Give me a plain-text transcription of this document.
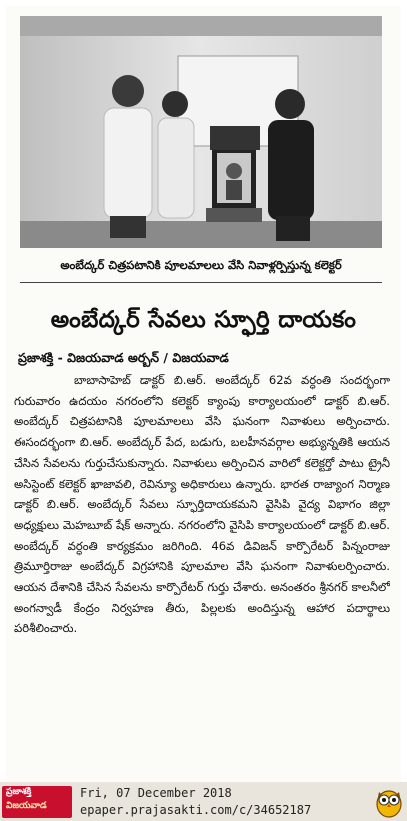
అంబేద్కర్ చిత్రపటానికి పూలమాలలు వేసి నివాళ్లర్పిస్తున్న కలెక్టర్
అంబేద్కర్ సేవలు స్ఫూర్తి దాయకం
ప్రజాశక్తి - విజయవాడ అర్బన్ / విజయవాడ

బాబాసాహెబ్ డాక్టర్ బి.ఆర్. అంబేద్కర్ 62వ వర్ధంతి సందర్భంగా గురువారం ఉదయం నగరంలోని కలెక్టర్ క్యాంపు కార్యాలయంలో డాక్టర్ బి.ఆర్. అంబేద్కర్ చిత్రపటానికి పూలమాలలు వేసి ఘనంగా నివాళులు అర్పించారు. ఈసందర్భంగా బి.ఆర్. అంబేద్కర్ పేద, బడుగు, బలహీనవర్గాల అభ్యున్నతికి ఆయన చేసిన సేవలను గుర్తుచేసుకున్నారు. నివాళులు అర్పించిన వారిలో కలెక్టర్తో పాటు ట్రైనీ అసిస్టెంట్ కలెక్టర్ ఖాజావలి, రెవిన్యూ అధికారులు ఉన్నారు. భారత రాజ్యాంగ నిర్మాణ డాక్టర్ బి.ఆర్. అంబేద్కర్ సేవలు స్ఫూర్తిదాయకమని వైసిపి వైద్య విభాగం జిల్లా అధ్యక్షులు మెహబూబ్ షేక్ అన్నారు. నగరంలోని వైసిపి కార్యాలయంలో డాక్టర్ బి.ఆర్. అంబేద్కర్ వర్ధంతి కార్యక్రమం జరిగింది. 46వ డివిజన్ కార్పొరేటర్ పిన్నంరాజు త్రిమూర్తిరాజు అంబేద్కర్ విగ్రహానికి పూలమాల వేసి ఘనంగా నివాళులర్పించారు. ఆయన దేశానికి చేసిన సేవలను కార్పొరేటర్ గుర్తు చేశారు. అనంతరం శ్రీనగర్ కాలనీలో అంగన్వాడీ కేంద్రం నిర్వహణ తీరు, పిల్లలకు అందిస్తున్న ఆహార పదార్థాలు పరిశీలించారు.

ప్రజాశక్తి
విజయవాడ
Fri, 07 December 2018
epaper.prajasakti.com/c/34652187
